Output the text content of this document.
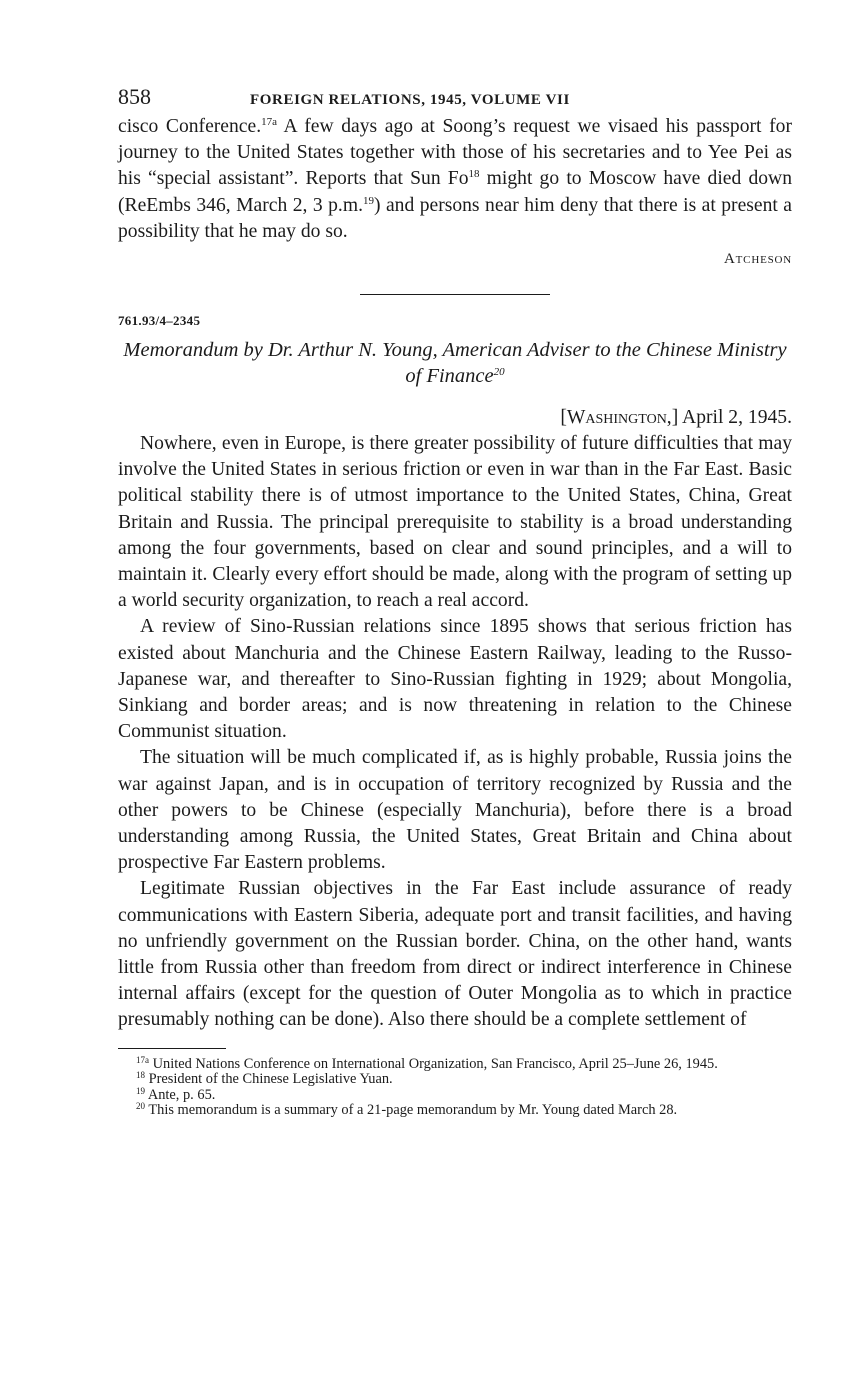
858	FOREIGN RELATIONS, 1945, VOLUME VII

cisco Conference.$^{17a}$ A few days ago at Soong’s request we visaed his passport for journey to the United States together with those of his secretaries and to Yee Pei as his “special assistant”. Reports that Sun Fo$^{18}$ might go to Moscow have died down (ReEmbs 346, March 2, 3 p.m.$^{19}$) and persons near him deny that there is at present a possibility that he may do so.

Atcheson
761.93/4–2345
Memorandum by Dr. Arthur N. Young, American Adviser to the Chinese Ministry of Finance$^{20}$
[Washington,] April 2, 1945.

Nowhere, even in Europe, is there greater possibility of future difficulties that may involve the United States in serious friction or even in war than in the Far East. Basic political stability there is of utmost importance to the United States, China, Great Britain and Russia. The principal prerequisite to stability is a broad understanding among the four governments, based on clear and sound principles, and a will to maintain it. Clearly every effort should be made, along with the program of setting up a world security organization, to reach a real accord.

A review of Sino-Russian relations since 1895 shows that serious friction has existed about Manchuria and the Chinese Eastern Railway, leading to the Russo-Japanese war, and thereafter to Sino-Russian fighting in 1929; about Mongolia, Sinkiang and border areas; and is now threatening in relation to the Chinese Communist situation.

The situation will be much complicated if, as is highly probable, Russia joins the war against Japan, and is in occupation of territory recognized by Russia and the other powers to be Chinese (especially Manchuria), before there is a broad understanding among Russia, the United States, Great Britain and China about prospective Far Eastern problems.

Legitimate Russian objectives in the Far East include assurance of ready communications with Eastern Siberia, adequate port and transit facilities, and having no unfriendly government on the Russian border. China, on the other hand, wants little from Russia other than freedom from direct or indirect interference in Chinese internal affairs (except for the question of Outer Mongolia as to which in practice presumably nothing can be done). Also there should be a complete settlement of

$^{17a}$ United Nations Conference on International Organization, San Francisco, April 25–June 26, 1945.

$^{18}$ President of the Chinese Legislative Yuan.

$^{19}$ Ante, p. 65.

$^{20}$ This memorandum is a summary of a 21-page memorandum by Mr. Young dated March 28.
